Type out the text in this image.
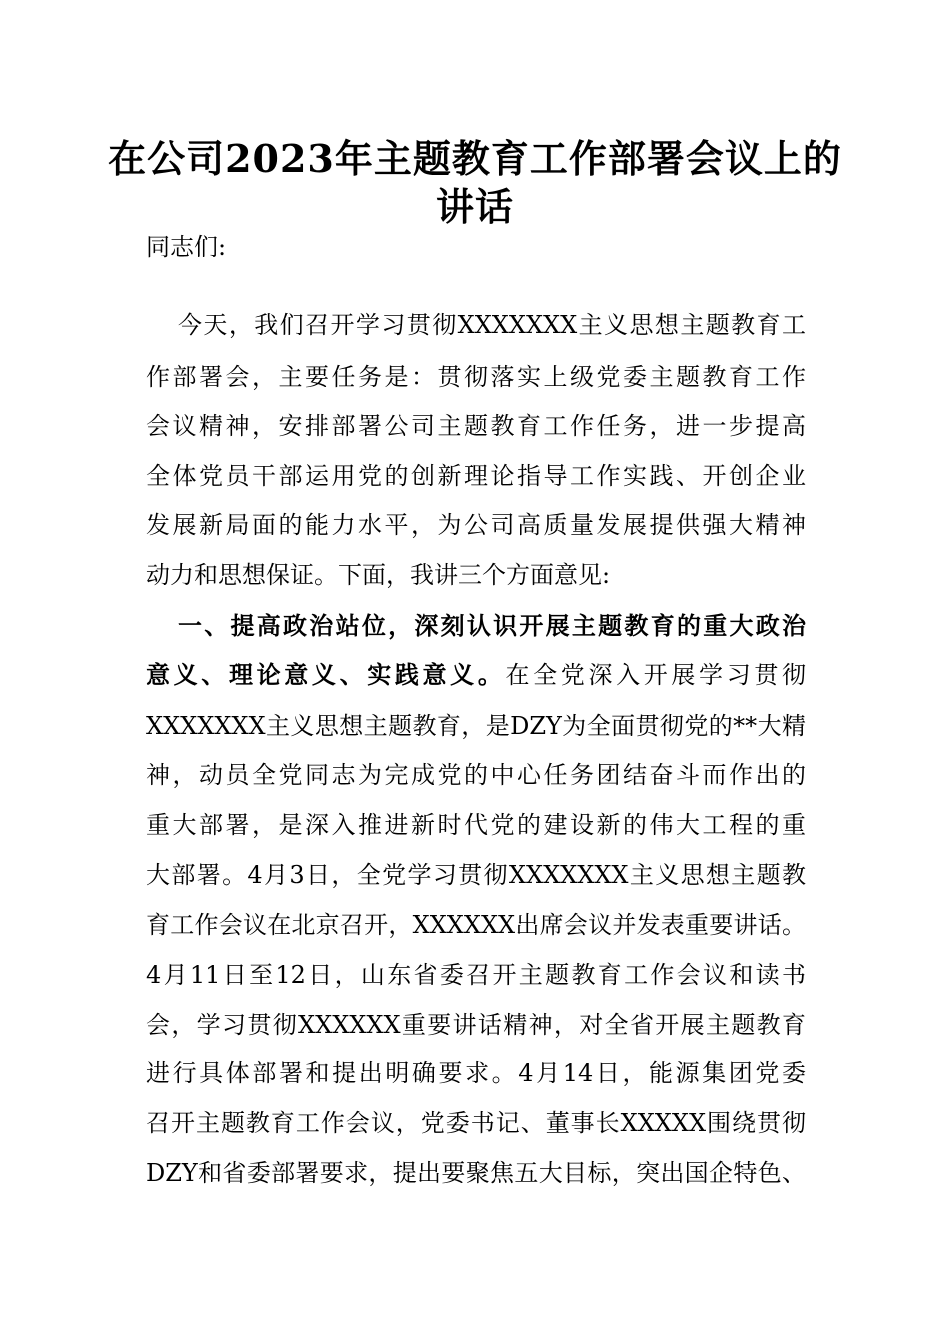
在公司2023年主题教育工作部署会议上的
讲话
同志们:
今天，我们召开学习贯彻XXXXXXX主义思想主题教育工
作部署会，主要任务是：贯彻落实上级党委主题教育工作
会议精神，安排部署公司主题教育工作任务，进一步提高
全体党员干部运用党的创新理论指导工作实践、开创企业
发展新局面的能力水平，为公司高质量发展提供强大精神
动力和思想保证。下面，我讲三个方面意见:
一、提高政治站位，深刻认识开展主题教育的重大政治
意义、理论意义、实践意义。在全党深入开展学习贯彻
XXXXXXX主义思想主题教育，是DZY为全面贯彻党的**大精
神，动员全党同志为完成党的中心任务团结奋斗而作出的
重大部署，是深入推进新时代党的建设新的伟大工程的重
大部署。4月3日，全党学习贯彻XXXXXXX主义思想主题教
育工作会议在北京召开，XXXXXX出席会议并发表重要讲话。
4月11日至12日，山东省委召开主题教育工作会议和读书
会，学习贯彻XXXXXX重要讲话精神，对全省开展主题教育
进行具体部署和提出明确要求。4月14日，能源集团党委
召开主题教育工作会议，党委书记、董事长XXXXX围绕贯彻
DZY和省委部署要求，提出要聚焦五大目标，突出国企特色、
